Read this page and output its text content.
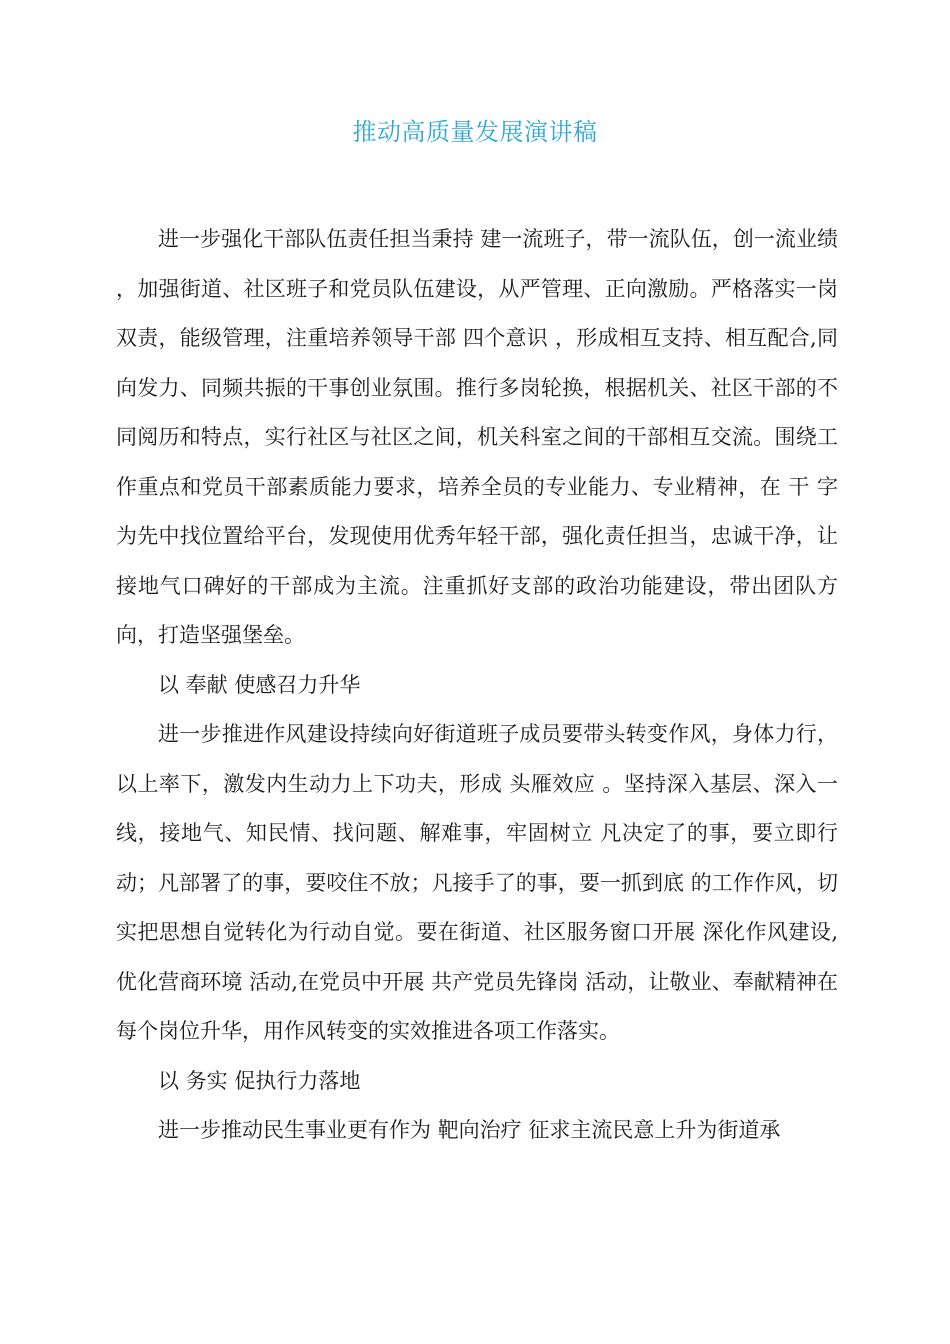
推动高质量发展演讲稿

进一步强化干部队伍责任担当秉持 建一流班子，带一流队伍，创一流业绩 ，加强街道、社区班子和党员队伍建设，从严管理、正向激励。严格落实一岗双责，能级管理，注重培养领导干部 四个意识 ，形成相互支持、相互配合,同向发力、同频共振的干事创业氛围。推行多岗轮换，根据机关、社区干部的不同阅历和特点，实行社区与社区之间，机关科室之间的干部相互交流。围绕工作重点和党员干部素质能力要求，培养全员的专业能力、专业精神，在 干 字为先中找位置给平台，发现使用优秀年轻干部，强化责任担当，忠诚干净，让接地气口碑好的干部成为主流。注重抓好支部的政治功能建设，带出团队方向，打造坚强堡垒。

以 奉献 使感召力升华

进一步推进作风建设持续向好街道班子成员要带头转变作风，身体力行，以上率下，激发内生动力上下功夫，形成 头雁效应 。坚持深入基层、深入一线，接地气、知民情、找问题、解难事，牢固树立 凡决定了的事，要立即行动；凡部署了的事，要咬住不放；凡接手了的事，要一抓到底 的工作作风，切实把思想自觉转化为行动自觉。要在街道、社区服务窗口开展 深化作风建设,优化营商环境 活动,在党员中开展 共产党员先锋岗 活动，让敬业、奉献精神在每个岗位升华，用作风转变的实效推进各项工作落实。

以 务实 促执行力落地

进一步推动民生事业更有作为 靶向治疗 征求主流民意上升为街道承
